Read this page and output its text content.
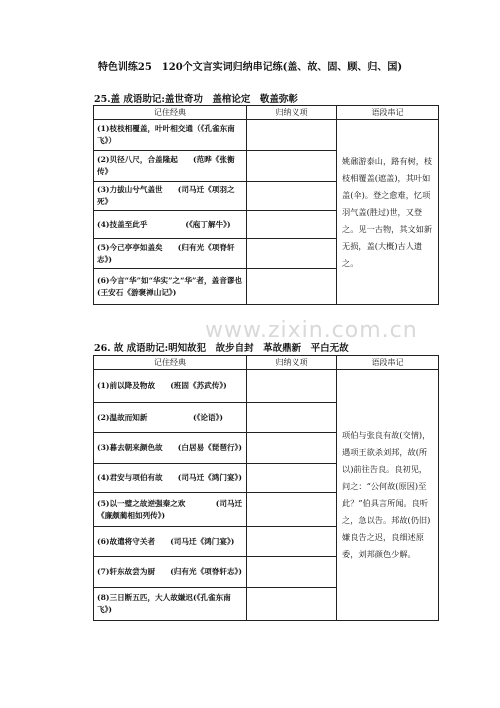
特色训练25　120个文言实词归纳串记练(盖、故、固、顾、归、国)
25.盖 成语助记:盖世奇功　盖棺论定　敬盖弥彰
记住经典	归纳义项	语段串记
(1)枝枝相覆盖，叶叶相交通（《孔雀东南飞》）		姚鼐游泰山，路有树，枝枝相覆盖(遮盖)，其叶如盖(伞)。登之愈难，忆项羽气盖(胜过)世，又登之。见一古物，其文如新无损，盖(大概)古人遗之。
(2)贝径八尺，合盖隆起　　(范晔《张衡传》		
(3)力拔山兮气盖世　　(司马迁《项羽之死》		
(4)技盖至此乎　　　　　(《庖丁解牛》)		
(5)今己亭亭如盖矣　　(归有光《项脊轩志》)		
(6)今言“华”如“华实”之“华”者，盖音谬也　　　　　　(王安石《游褒禅山记》)		
www.zixin.com.cn
26. 故 成语助记:明知故犯　故步自封　革故鼎新　平白无故
记住经典	归纳义项	语段串记
(1)前以降及物故　　(班固《苏武传》)		项伯与张良有故(交情)，遇项王欲杀刘邦，故(所以)前往告良。良初见，问之：“公何故(原因)至此？”伯具言所闻。良听之，急以告。邦故(仍旧)嫌良告之迟，良细述原委，刘邦颜色少解。
(2)温故而知新　　　　　　(《论语》)		
(3)暮去朝来颜色故　　(白居易《琵琶行》)		
(4)君安与项伯有故　　(司马迁《鸿门宴》)		
(5)以一璧之故逆强秦之欢　　　　(司马迁《廉颇蔺相如列传》)		
(6)故遣将守关者　　(司马迁《鸿门宴》)		
(7)轩东故尝为厨　　(归有光《项脊轩志》)		
(8)三日断五匹，大人故嫌迟(《孔雀东南飞》)		
